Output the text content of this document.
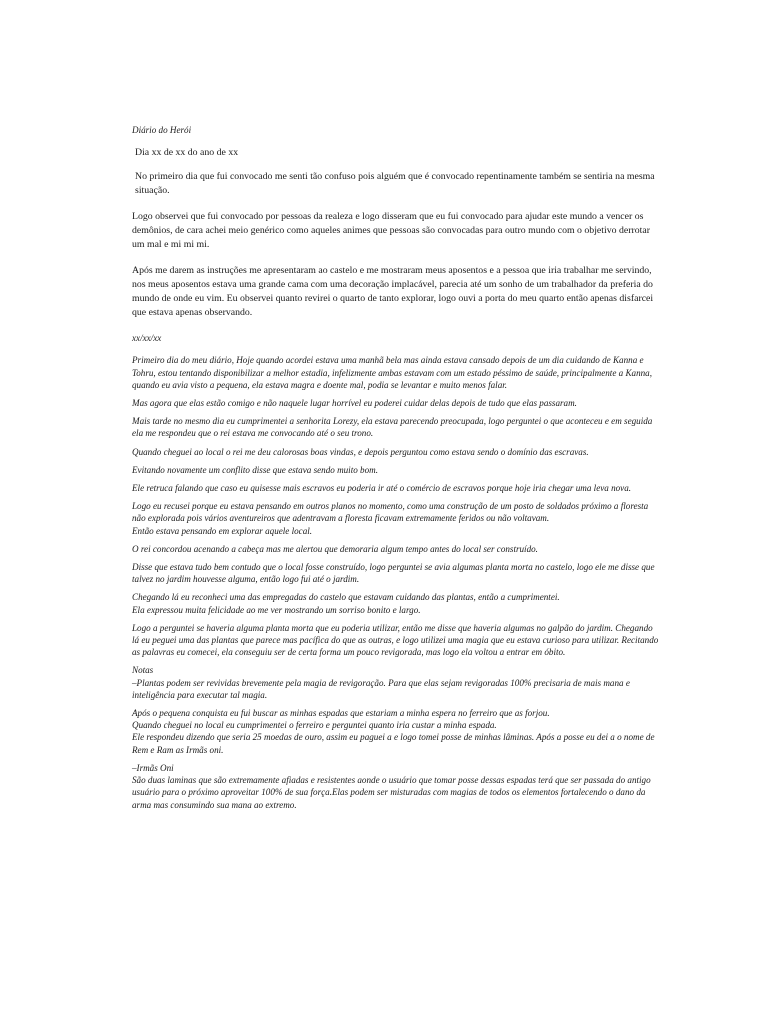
Diário do Herói

Dia xx de xx do ano de xx

No primeiro dia que fui convocado me senti tão confuso pois alguém que é convocado repentinamente também se sentiria na mesma situação.

Logo observei que fui convocado por pessoas da realeza e logo disseram que eu fui convocado para ajudar este mundo a vencer os demônios, de cara achei meio genérico como aqueles animes que pessoas são convocadas para outro mundo com o objetivo derrotar um mal e mi mi mi.

Após me darem as instruções me apresentaram ao castelo e me mostraram meus aposentos e a pessoa que iria trabalhar me servindo, nos meus aposentos estava uma grande cama com uma decoração implacável, parecia até um sonho de um trabalhador da preferia do mundo de onde eu vim. Eu observei quanto revirei o quarto de tanto explorar, logo ouvi a porta do meu quarto então apenas disfarcei que estava apenas observando.

xx/xx/xx

Primeiro dia do meu diário, Hoje quando acordei estava uma manhã bela mas ainda estava cansado depois de um dia cuidando de Kanna e Tohru, estou tentando disponibilizar a melhor estadia, infelizmente ambas estavam com um estado péssimo de saúde, principalmente a Kanna, quando eu avia visto a pequena, ela estava magra e doente mal, podia se levantar e muito menos falar.

Mas agora que elas estão comigo e não naquele lugar horrível eu poderei cuidar delas depois de tudo que elas passaram.

Mais tarde no mesmo dia eu cumprimentei a senhorita Lorezy, ela estava parecendo preocupada, logo perguntei o que aconteceu e em seguida ela me respondeu que o rei estava me convocando até o seu trono.

Quando cheguei ao local o rei me deu calorosas boas vindas, e depois perguntou como estava sendo o domínio das escravas.

Evitando novamente um conflito disse que estava sendo muito bom.

Ele retruca falando que caso eu quisesse mais escravos eu poderia ir até o comércio de escravos porque hoje iria chegar uma leva nova.

Logo eu recusei porque eu estava pensando em outros planos no momento, como uma construção de um posto de soldados próximo a floresta não explorada pois vários aventureiros que adentravam a floresta ficavam extremamente feridos ou não voltavam.
Então estava pensando em explorar aquele local.

O rei concordou acenando a cabeça mas me alertou que demoraria algum tempo antes do local ser construído.

Disse que estava tudo bem contudo que o local fosse construído, logo perguntei se avia algumas planta morta no castelo, logo ele me disse que talvez no jardim houvesse alguma, então logo fui até o jardim.

Chegando lá eu reconheci uma das empregadas do castelo que estavam cuidando das plantas, então a cumprimentei.
Ela expressou muita felicidade ao me ver mostrando um sorriso bonito e largo.

Logo a perguntei se haveria alguma planta morta que eu poderia utilizar, então me disse que haveria algumas no galpão do jardim. Chegando lá eu peguei uma das plantas que parece mas pacífica do que as outras, e logo utilizei uma magia que eu estava curioso para utilizar. Recitando as palavras eu comecei, ela conseguiu ser de certa forma um pouco revigorada, mas logo ela voltou a entrar em óbito.

Notas

–Plantas podem ser revividas brevemente pela magia de revigoração. Para que elas sejam revigoradas 100% precisaria de mais mana e inteligência para executar tal magia.

Após o pequena conquista eu fui buscar as minhas espadas que estariam a minha espera no ferreiro que as forjou.
Quando cheguei no local eu cumprimentei o ferreiro e perguntei quanto iria custar a minha espada.
Ele respondeu dizendo que seria 25 moedas de ouro, assim eu paguei a e logo tomei posse de minhas lâminas. Após a posse eu dei a o nome de Rem e Ram as Irmãs oni.

–Irmãs Oni

São duas laminas que são extremamente afiadas e resistentes aonde o usuário que tomar posse dessas espadas terá que ser passada do antigo usuário para o próximo aproveitar 100% de sua força.Elas podem ser misturadas com magias de todos os elementos fortalecendo o dano da arma mas consumindo sua mana ao extremo.
